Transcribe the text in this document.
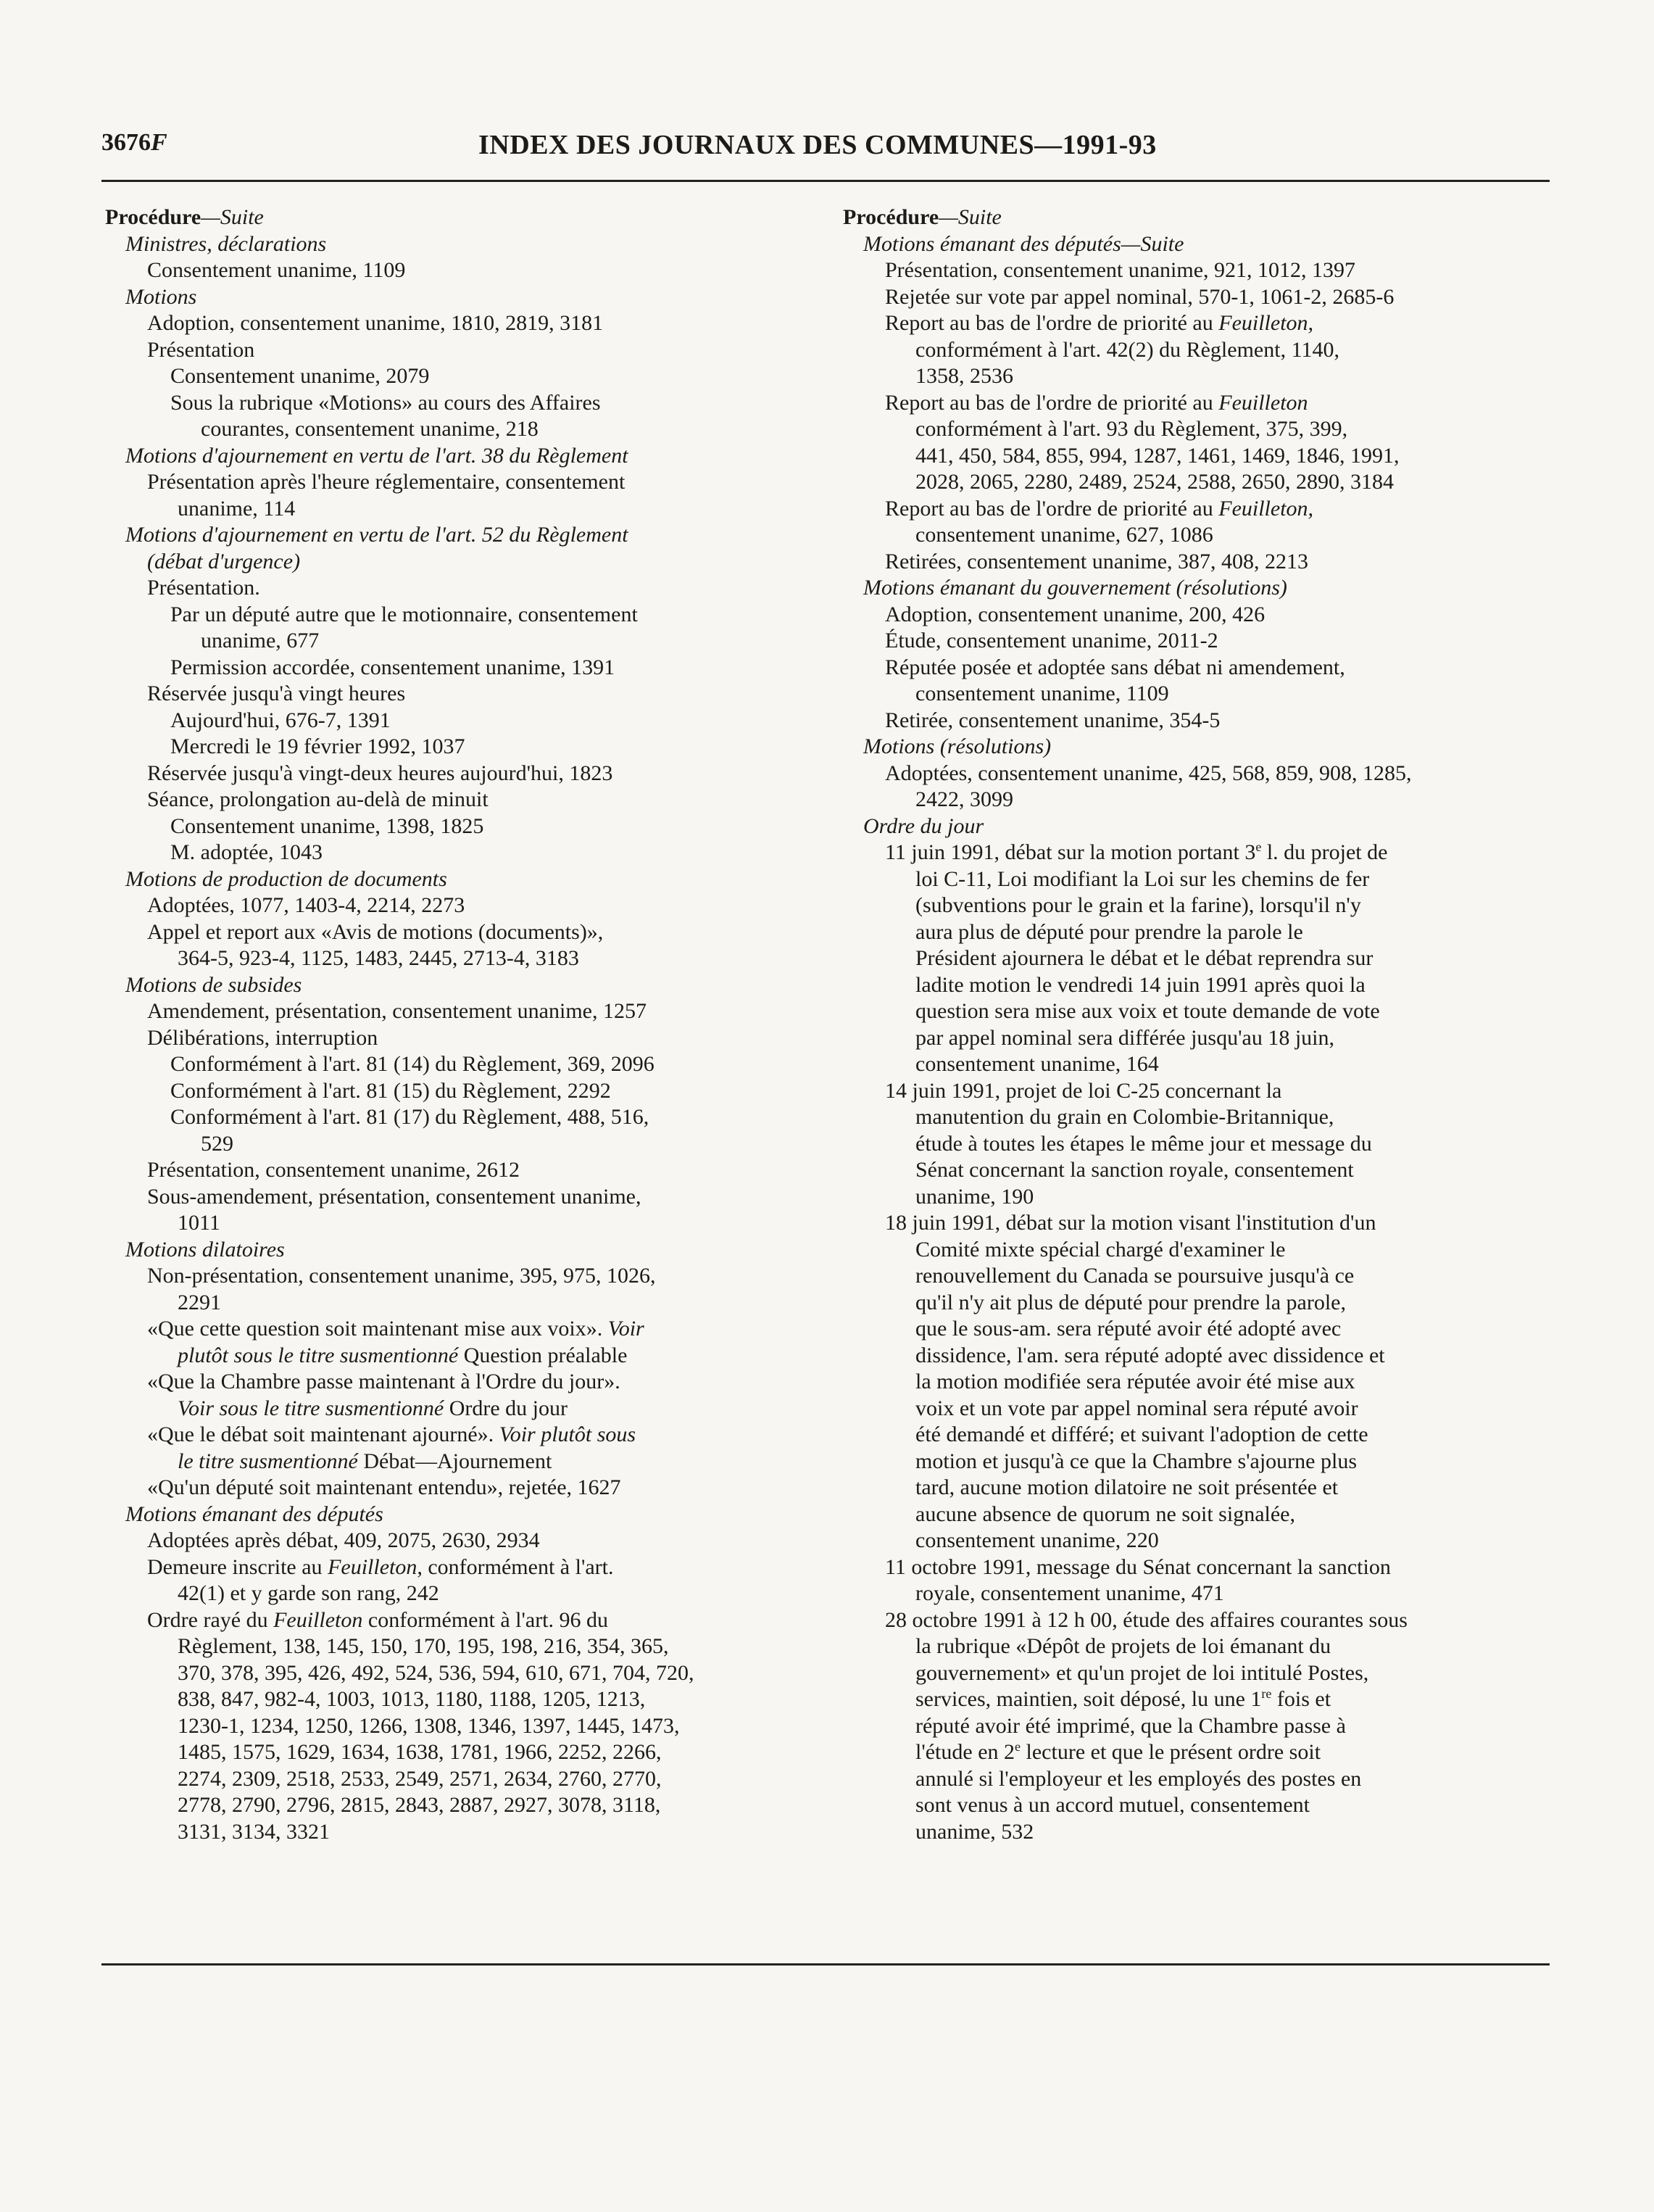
3676F	INDEX DES JOURNAUX DES COMMUNES—1991-93

Procédure—Suite

Ministres, déclarations

Consentement unanime, 1109

Motions

Adoption, consentement unanime, 1810, 2819, 3181

Présentation

Consentement unanime, 2079

Sous la rubrique «Motions» au cours des Affaires

courantes, consentement unanime, 218

Motions d'ajournement en vertu de l'art. 38 du Règlement

Présentation après l'heure réglementaire, consentement

unanime, 114

Motions d'ajournement en vertu de l'art. 52 du Règlement

(débat d'urgence)

Présentation.

Par un député autre que le motionnaire, consentement

unanime, 677

Permission accordée, consentement unanime, 1391

Réservée jusqu'à vingt heures

Aujourd'hui, 676-7, 1391

Mercredi le 19 février 1992, 1037

Réservée jusqu'à vingt-deux heures aujourd'hui, 1823

Séance, prolongation au-delà de minuit

Consentement unanime, 1398, 1825

M. adoptée, 1043

Motions de production de documents

Adoptées, 1077, 1403-4, 2214, 2273

Appel et report aux «Avis de motions (documents)»,

364-5, 923-4, 1125, 1483, 2445, 2713-4, 3183

Motions de subsides

Amendement, présentation, consentement unanime, 1257

Délibérations, interruption

Conformément à l'art. 81 (14) du Règlement, 369, 2096

Conformément à l'art. 81 (15) du Règlement, 2292

Conformément à l'art. 81 (17) du Règlement, 488, 516,

529

Présentation, consentement unanime, 2612

Sous-amendement, présentation, consentement unanime,

1011

Motions dilatoires

Non-présentation, consentement unanime, 395, 975, 1026,

2291

«Que cette question soit maintenant mise aux voix». Voir

plutôt sous le titre susmentionné Question préalable

«Que la Chambre passe maintenant à l'Ordre du jour».

Voir sous le titre susmentionné Ordre du jour

«Que le débat soit maintenant ajourné». Voir plutôt sous

le titre susmentionné Débat—Ajournement

«Qu'un député soit maintenant entendu», rejetée, 1627

Motions émanant des députés

Adoptées après débat, 409, 2075, 2630, 2934

Demeure inscrite au Feuilleton, conformément à l'art.

42(1) et y garde son rang, 242

Ordre rayé du Feuilleton conformément à l'art. 96 du

Règlement, 138, 145, 150, 170, 195, 198, 216, 354, 365,

370, 378, 395, 426, 492, 524, 536, 594, 610, 671, 704, 720,

838, 847, 982-4, 1003, 1013, 1180, 1188, 1205, 1213,

1230-1, 1234, 1250, 1266, 1308, 1346, 1397, 1445, 1473,

1485, 1575, 1629, 1634, 1638, 1781, 1966, 2252, 2266,

2274, 2309, 2518, 2533, 2549, 2571, 2634, 2760, 2770,

2778, 2790, 2796, 2815, 2843, 2887, 2927, 3078, 3118,

3131, 3134, 3321

Procédure—Suite

Motions émanant des députés—Suite

Présentation, consentement unanime, 921, 1012, 1397

Rejetée sur vote par appel nominal, 570-1, 1061-2, 2685-6

Report au bas de l'ordre de priorité au Feuilleton,

conformément à l'art. 42(2) du Règlement, 1140,

1358, 2536

Report au bas de l'ordre de priorité au Feuilleton

conformément à l'art. 93 du Règlement, 375, 399,

441, 450, 584, 855, 994, 1287, 1461, 1469, 1846, 1991,

2028, 2065, 2280, 2489, 2524, 2588, 2650, 2890, 3184

Report au bas de l'ordre de priorité au Feuilleton,

consentement unanime, 627, 1086

Retirées, consentement unanime, 387, 408, 2213

Motions émanant du gouvernement (résolutions)

Adoption, consentement unanime, 200, 426

Étude, consentement unanime, 2011-2

Réputée posée et adoptée sans débat ni amendement,

consentement unanime, 1109

Retirée, consentement unanime, 354-5

Motions (résolutions)

Adoptées, consentement unanime, 425, 568, 859, 908, 1285,

2422, 3099

Ordre du jour

11 juin 1991, débat sur la motion portant 3e l. du projet de

loi C-11, Loi modifiant la Loi sur les chemins de fer

(subventions pour le grain et la farine), lorsqu'il n'y

aura plus de député pour prendre la parole le

Président ajournera le débat et le débat reprendra sur

ladite motion le vendredi 14 juin 1991 après quoi la

question sera mise aux voix et toute demande de vote

par appel nominal sera différée jusqu'au 18 juin,

consentement unanime, 164

14 juin 1991, projet de loi C-25 concernant la

manutention du grain en Colombie-Britannique,

étude à toutes les étapes le même jour et message du

Sénat concernant la sanction royale, consentement

unanime, 190

18 juin 1991, débat sur la motion visant l'institution d'un

Comité mixte spécial chargé d'examiner le

renouvellement du Canada se poursuive jusqu'à ce

qu'il n'y ait plus de député pour prendre la parole,

que le sous-am. sera réputé avoir été adopté avec

dissidence, l'am. sera réputé adopté avec dissidence et

la motion modifiée sera réputée avoir été mise aux

voix et un vote par appel nominal sera réputé avoir

été demandé et différé; et suivant l'adoption de cette

motion et jusqu'à ce que la Chambre s'ajourne plus

tard, aucune motion dilatoire ne soit présentée et

aucune absence de quorum ne soit signalée,

consentement unanime, 220

11 octobre 1991, message du Sénat concernant la sanction

royale, consentement unanime, 471

28 octobre 1991 à 12 h 00, étude des affaires courantes sous

la rubrique «Dépôt de projets de loi émanant du

gouvernement» et qu'un projet de loi intitulé Postes,

services, maintien, soit déposé, lu une 1re fois et

réputé avoir été imprimé, que la Chambre passe à

l'étude en 2e lecture et que le présent ordre soit

annulé si l'employeur et les employés des postes en

sont venus à un accord mutuel, consentement

unanime, 532
